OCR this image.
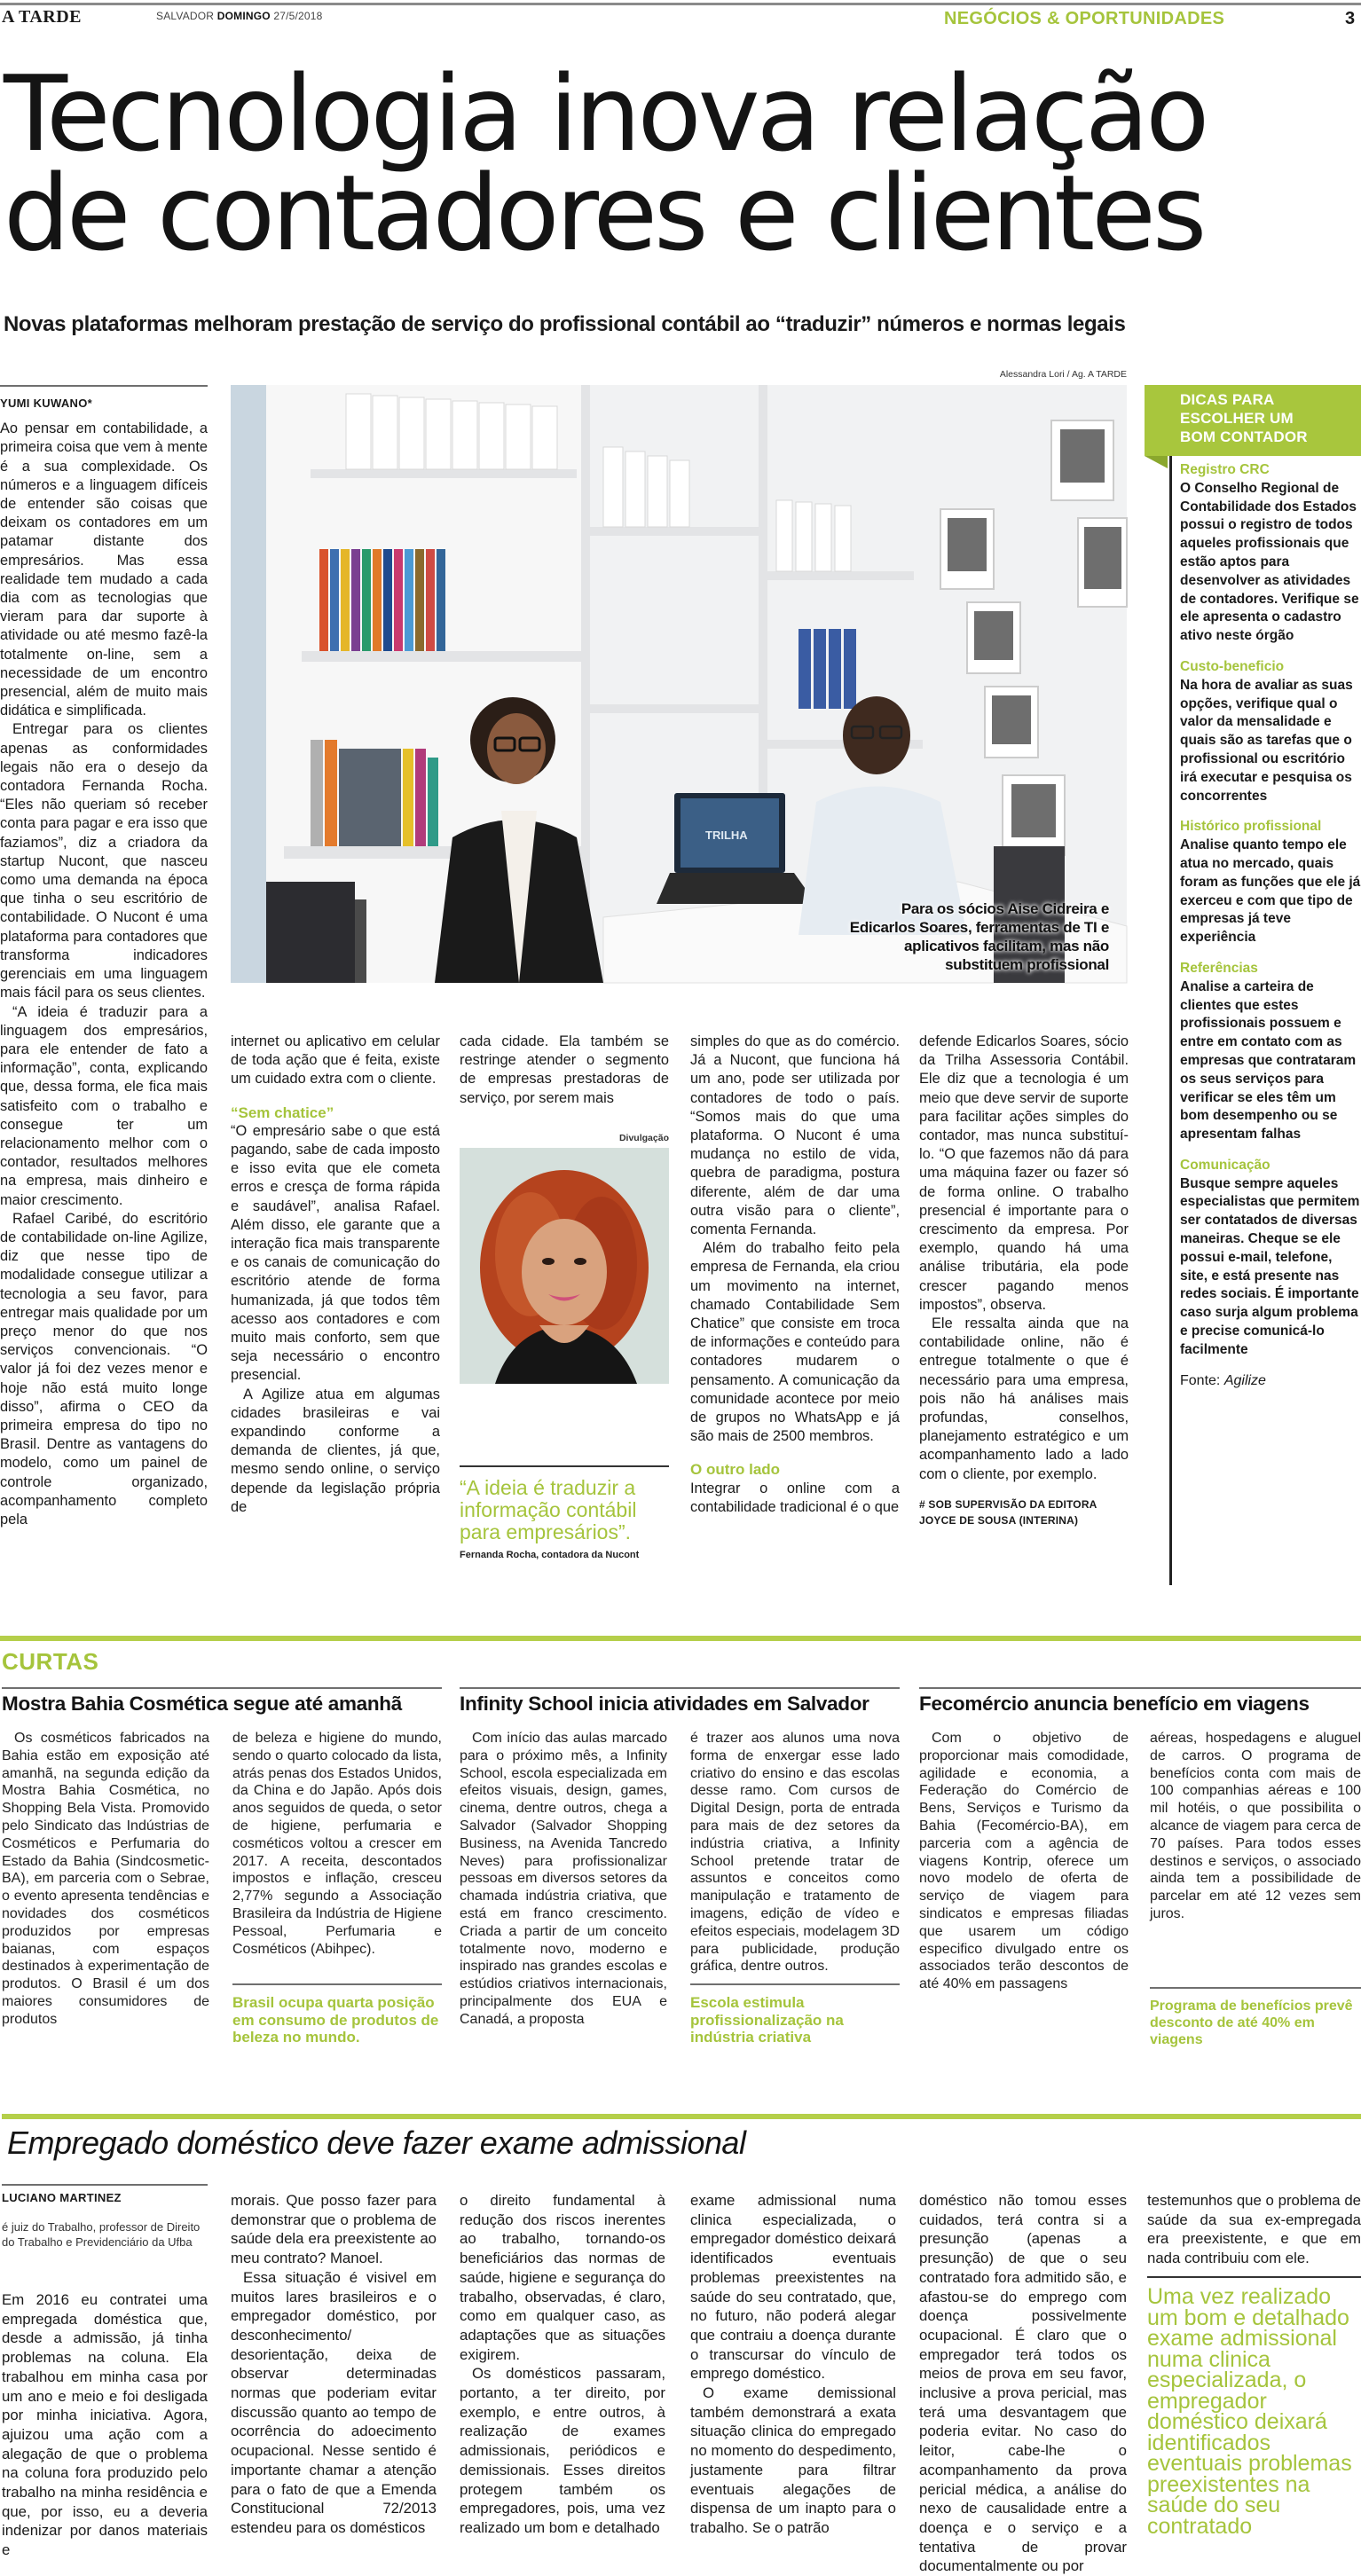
A TARDE	SALVADOR DOMINGO 27/5/2018	NEGÓCIOS & OPORTUNIDADES	3
Tecnologia inova relação
de contadores e clientes
Novas plataformas melhoram prestação de serviço do profissional contábil ao “traduzir” números e normas legais
YUMI KUWANO*

Ao pensar em contabilidade, a primeira coisa que vem à mente é a sua complexidade. Os números e a linguagem difíceis de entender são coisas que deixam os contadores em um patamar distante dos empresários. Mas essa realidade tem mudado a cada dia com as tecnologias que vieram para dar suporte à atividade ou até mesmo fazê-la totalmente on-line, sem a necessidade de um encontro presencial, além de muito mais didática e simplificada.

Entregar para os clientes apenas as conformidades legais não era o desejo da contadora Fernanda Rocha. “Eles não queriam só receber conta para pagar e era isso que faziamos”, diz a criadora da startup Nucont, que nasceu como uma demanda na época que tinha o seu escritório de contabilidade. O Nucont é uma plataforma para contadores que transforma indicadores gerenciais em uma linguagem mais fácil para os seus clientes.

“A ideia é traduzir para a linguagem dos empresários, para ele entender de fato a informação”, conta, explicando que, dessa forma, ele fica mais satisfeito com o trabalho e consegue ter um relacionamento melhor com o contador, resultados melhores na empresa, mais dinheiro e maior crescimento.

Rafael Caribé, do escritório de contabilidade on-line Agilize, diz que nesse tipo de modalidade consegue utilizar a tecnologia a seu favor, para entregar mais qualidade por um preço menor do que nos serviços convencionais. “O valor já foi dez vezes menor e hoje não está muito longe disso”, afirma o CEO da primeira empresa do tipo no Brasil. Dentre as vantagens do modelo, como um painel de controle organizado, acompanhamento completo pela

Alessandra Lori / Ag. A TARDE
TRILHA
Para os sócios Aise Cidreira e Edicarlos Soares, ferramentas de TI e aplicativos facilitam, mas não substituem profissional

internet ou aplicativo em celular de toda ação que é feita, existe um cuidado extra com o cliente.

“Sem chatice”

“O empresário sabe o que está pagando, sabe de cada imposto e isso evita que ele cometa erros e cresça de forma rápida e saudável”, analisa Rafael. Além disso, ele garante que a interação fica mais transparente e os canais de comunicação do escritório atende de forma humanizada, já que todos têm acesso aos contadores e com muito mais conforto, sem que seja necessário o encontro presencial.

A Agilize atua em algumas cidades brasileiras e vai expandindo conforme a demanda de clientes, já que, mesmo sendo online, o serviço depende da legislação própria de

cada cidade. Ela também se restringe atender o segmento de empresas prestadoras de serviço, por serem mais

Divulgação
“A ideia é traduzir a informação contábil para empresários”.
Fernanda Rocha, contadora da Nucont

simples do que as do comércio. Já a Nucont, que funciona há um ano, pode ser utilizada por contadores de todo o país. “Somos mais do que uma plataforma. O Nucont é uma mudança no estilo de vida, quebra de paradigma, postura diferente, além de dar uma outra visão para o cliente”, comenta Fernanda.

Além do trabalho feito pela empresa de Fernanda, ela criou um movimento na internet, chamado Contabilidade Sem Chatice” que consiste em troca de informações e conteúdo para contadores mudarem o pensamento. A comunicação da comunidade acontece por meio de grupos no WhatsApp e já são mais de 2500 membros.

O outro lado

Integrar o online com a contabilidade tradicional é o que

defende Edicarlos Soares, sócio da Trilha Assessoria Contábil. Ele diz que a tecnologia é um meio que deve servir de suporte para facilitar ações simples do contador, mas nunca substituí-lo. “O que fazemos não dá para uma máquina fazer ou fazer só de forma online. O trabalho presencial é importante para o crescimento da empresa. Por exemplo, quando há uma análise tributária, ela pode crescer pagando menos impostos”, observa.

Ele ressalta ainda que na contabilidade online, não é entregue totalmente o que é necessário para uma empresa, pois não há análises mais profundas, conselhos, planejamento estratégico e um acompanhamento lado a lado com o cliente, por exemplo.

# SOB SUPERVISÃO DA EDITORA
JOYCE DE SOUSA (INTERINA)
DICAS PARA
ESCOLHER UM
BOM CONTADOR
Registro CRC
O Conselho Regional de Contabilidade dos Estados possui o registro de todos aqueles profissionais que estão aptos para desenvolver as atividades de contadores. Verifique se ele apresenta o cadastro ativo neste órgão
Custo-beneficio
Na hora de avaliar as suas opções, verifique qual o valor da mensalidade e quais são as tarefas que o profissional ou escritório irá executar e pesquisa os concorrentes
Histórico profissional
Analise quanto tempo ele atua no mercado, quais foram as funções que ele já exerceu e com que tipo de empresas já teve experiência
Referências
Analise a carteira de clientes que estes profissionais possuem e entre em contato com as empresas que contrataram os seus serviços para verificar se eles têm um bom desempenho ou se apresentam falhas
Comunicação
Busque sempre aqueles especialistas que permitem ser contatados de diversas maneiras. Cheque se ele possui e-mail, telefone, site, e está presente nas redes sociais. É importante caso surja algum problema e precise comunicá-lo facilmente
Fonte: Agilize
CURTAS
Mostra Bahia Cosmética segue até amanhã

Os cosméticos fabricados na Bahia estão em exposição até amanhã, na segunda edição da Mostra Bahia Cosmética, no Shopping Bela Vista. Promovido pelo Sindicato das Indústrias de Cosméticos e Perfumaria do Estado da Bahia (Sindcosmetic-BA), em parceria com o Sebrae, o evento apresenta tendências e novidades dos cosméticos produzidos por empresas baianas, com espaços destinados à experimentação de produtos. O Brasil é um dos maiores consumidores de produtos

de beleza e higiene do mundo, sendo o quarto colocado da lista, atrás penas dos Estados Unidos, da China e do Japão. Após dois anos seguidos de queda, o setor de higiene, perfumaria e cosméticos voltou a crescer em 2017. A receita, descontados impostos e inflação, cresceu 2,77% segundo a Associação Brasileira da Indústria de Higiene Pessoal, Perfumaria e Cosméticos (Abihpec).

Brasil ocupa quarta posição em consumo de produtos de beleza no mundo.
Infinity School inicia atividades em Salvador

Com início das aulas marcado para o próximo mês, a Infinity School, escola especializada em efeitos visuais, design, games, cinema, dentre outros, chega a Salvador (Salvador Shopping Business, na Avenida Tancredo Neves) para profissionalizar pessoas em diversos setores da chamada indústria criativa, que está em franco crescimento. Criada a partir de um conceito totalmente novo, moderno e inspirado nas grandes escolas e estúdios criativos internacionais, principalmente dos EUA e Canadá, a proposta

é trazer aos alunos uma nova forma de enxergar esse lado criativo do ensino e das escolas desse ramo. Com cursos de Digital Design, porta de entrada para mais de dez setores da indústria criativa, a Infinity School pretende tratar de assuntos e conceitos como manipulação e tratamento de imagens, edição de vídeo e efeitos especiais, modelagem 3D para publicidade, produção gráfica, dentre outros.

Escola estimula profissionalização na indústria criativa
Fecomércio anuncia benefício em viagens

Com o objetivo de proporcionar mais comodidade, agilidade e economia, a Federação do Comércio de Bens, Serviços e Turismo da Bahia (Fecomércio-BA), em parceria com a agência de viagens Kontrip, oferece um novo modelo de oferta de serviço de viagem para sindicatos e empresas filiadas que usarem um código especifico divulgado entre os associados terão descontos de até 40% em passagens

aéreas, hospedagens e aluguel de carros. O programa de benefícios conta com mais de 100 companhias aéreas e 100 mil hotéis, o que possibilita o alcance de viagem para cerca de 70 países. Para todos esses destinos e serviços, o associado ainda tem a possibilidade de parcelar em até 12 vezes sem juros.

Programa de benefícios prevê desconto de até 40% em viagens
Empregado doméstico deve fazer exame admissional
LUCIANO MARTINEZ
é juiz do Trabalho, professor de Direito do Trabalho e Previdenciário da Ufba

Em 2016 eu contratei uma empregada doméstica que, desde a admissão, já tinha problemas na coluna. Ela trabalhou em minha casa por um ano e meio e foi desligada por minha iniciativa. Agora, ajuizou uma ação com a alegação de que o problema na coluna fora produzido pelo trabalho na minha residência e que, por isso, eu a deveria indenizar por danos materiais e

morais. Que posso fazer para demonstrar que o problema de saúde dela era preexistente ao meu contrato? Manoel.

Essa situação é visivel em muitos lares brasileiros e o empregador doméstico, por desconhecimento/ desorientação, deixa de observar determinadas normas que poderiam evitar discussão quanto ao tempo de ocorrência do adoecimento ocupacional. Nesse sentido é importante chamar a atenção para o fato de que a Emenda Constitucional 72/2013 estendeu para os domésticos

o direito fundamental à redução dos riscos inerentes ao trabalho, tornando-os beneficiários das normas de saúde, higiene e segurança do trabalho, observadas, é claro, como em qualquer caso, as adaptações que as situações exigirem.

Os domésticos passaram, portanto, a ter direito, por exemplo, e entre outros, à realização de exames admissionais, periódicos e demissionais. Esses direitos protegem também os empregadores, pois, uma vez realizado um bom e detalhado

exame admissional numa clinica especializada, o empregador doméstico deixará identificados eventuais problemas preexistentes na saúde do seu contratado, que, no futuro, não poderá alegar que contraiu a doença durante o transcursar do vínculo de emprego doméstico.

O exame demissional também demonstrará a exata situação clinica do empregado no momento do despedimento, justamente para filtrar eventuais alegações de dispensa de um inapto para o trabalho. Se o patrão

doméstico não tomou esses cuidados, terá contra si a presunção (apenas a presunção) de que o seu contratado fora admitido são, e afastou-se do emprego com doença possivelmente ocupacional. É claro que o empregador terá todos os meios de prova em seu favor, inclusive a prova pericial, mas terá uma desvantagem que poderia evitar. No caso do leitor, cabe-lhe o acompanhamento da prova pericial médica, a análise do nexo de causalidade entre a doença e o serviço e a tentativa de provar documentalmente ou por

testemunhos que o problema de saúde da sua ex-empregada era preexistente, e que em nada contribuiu com ele.

Uma vez realizado um bom e detalhado exame admissional numa clinica especializada, o empregador doméstico deixará identificados eventuais problemas preexistentes na saúde do seu contratado
